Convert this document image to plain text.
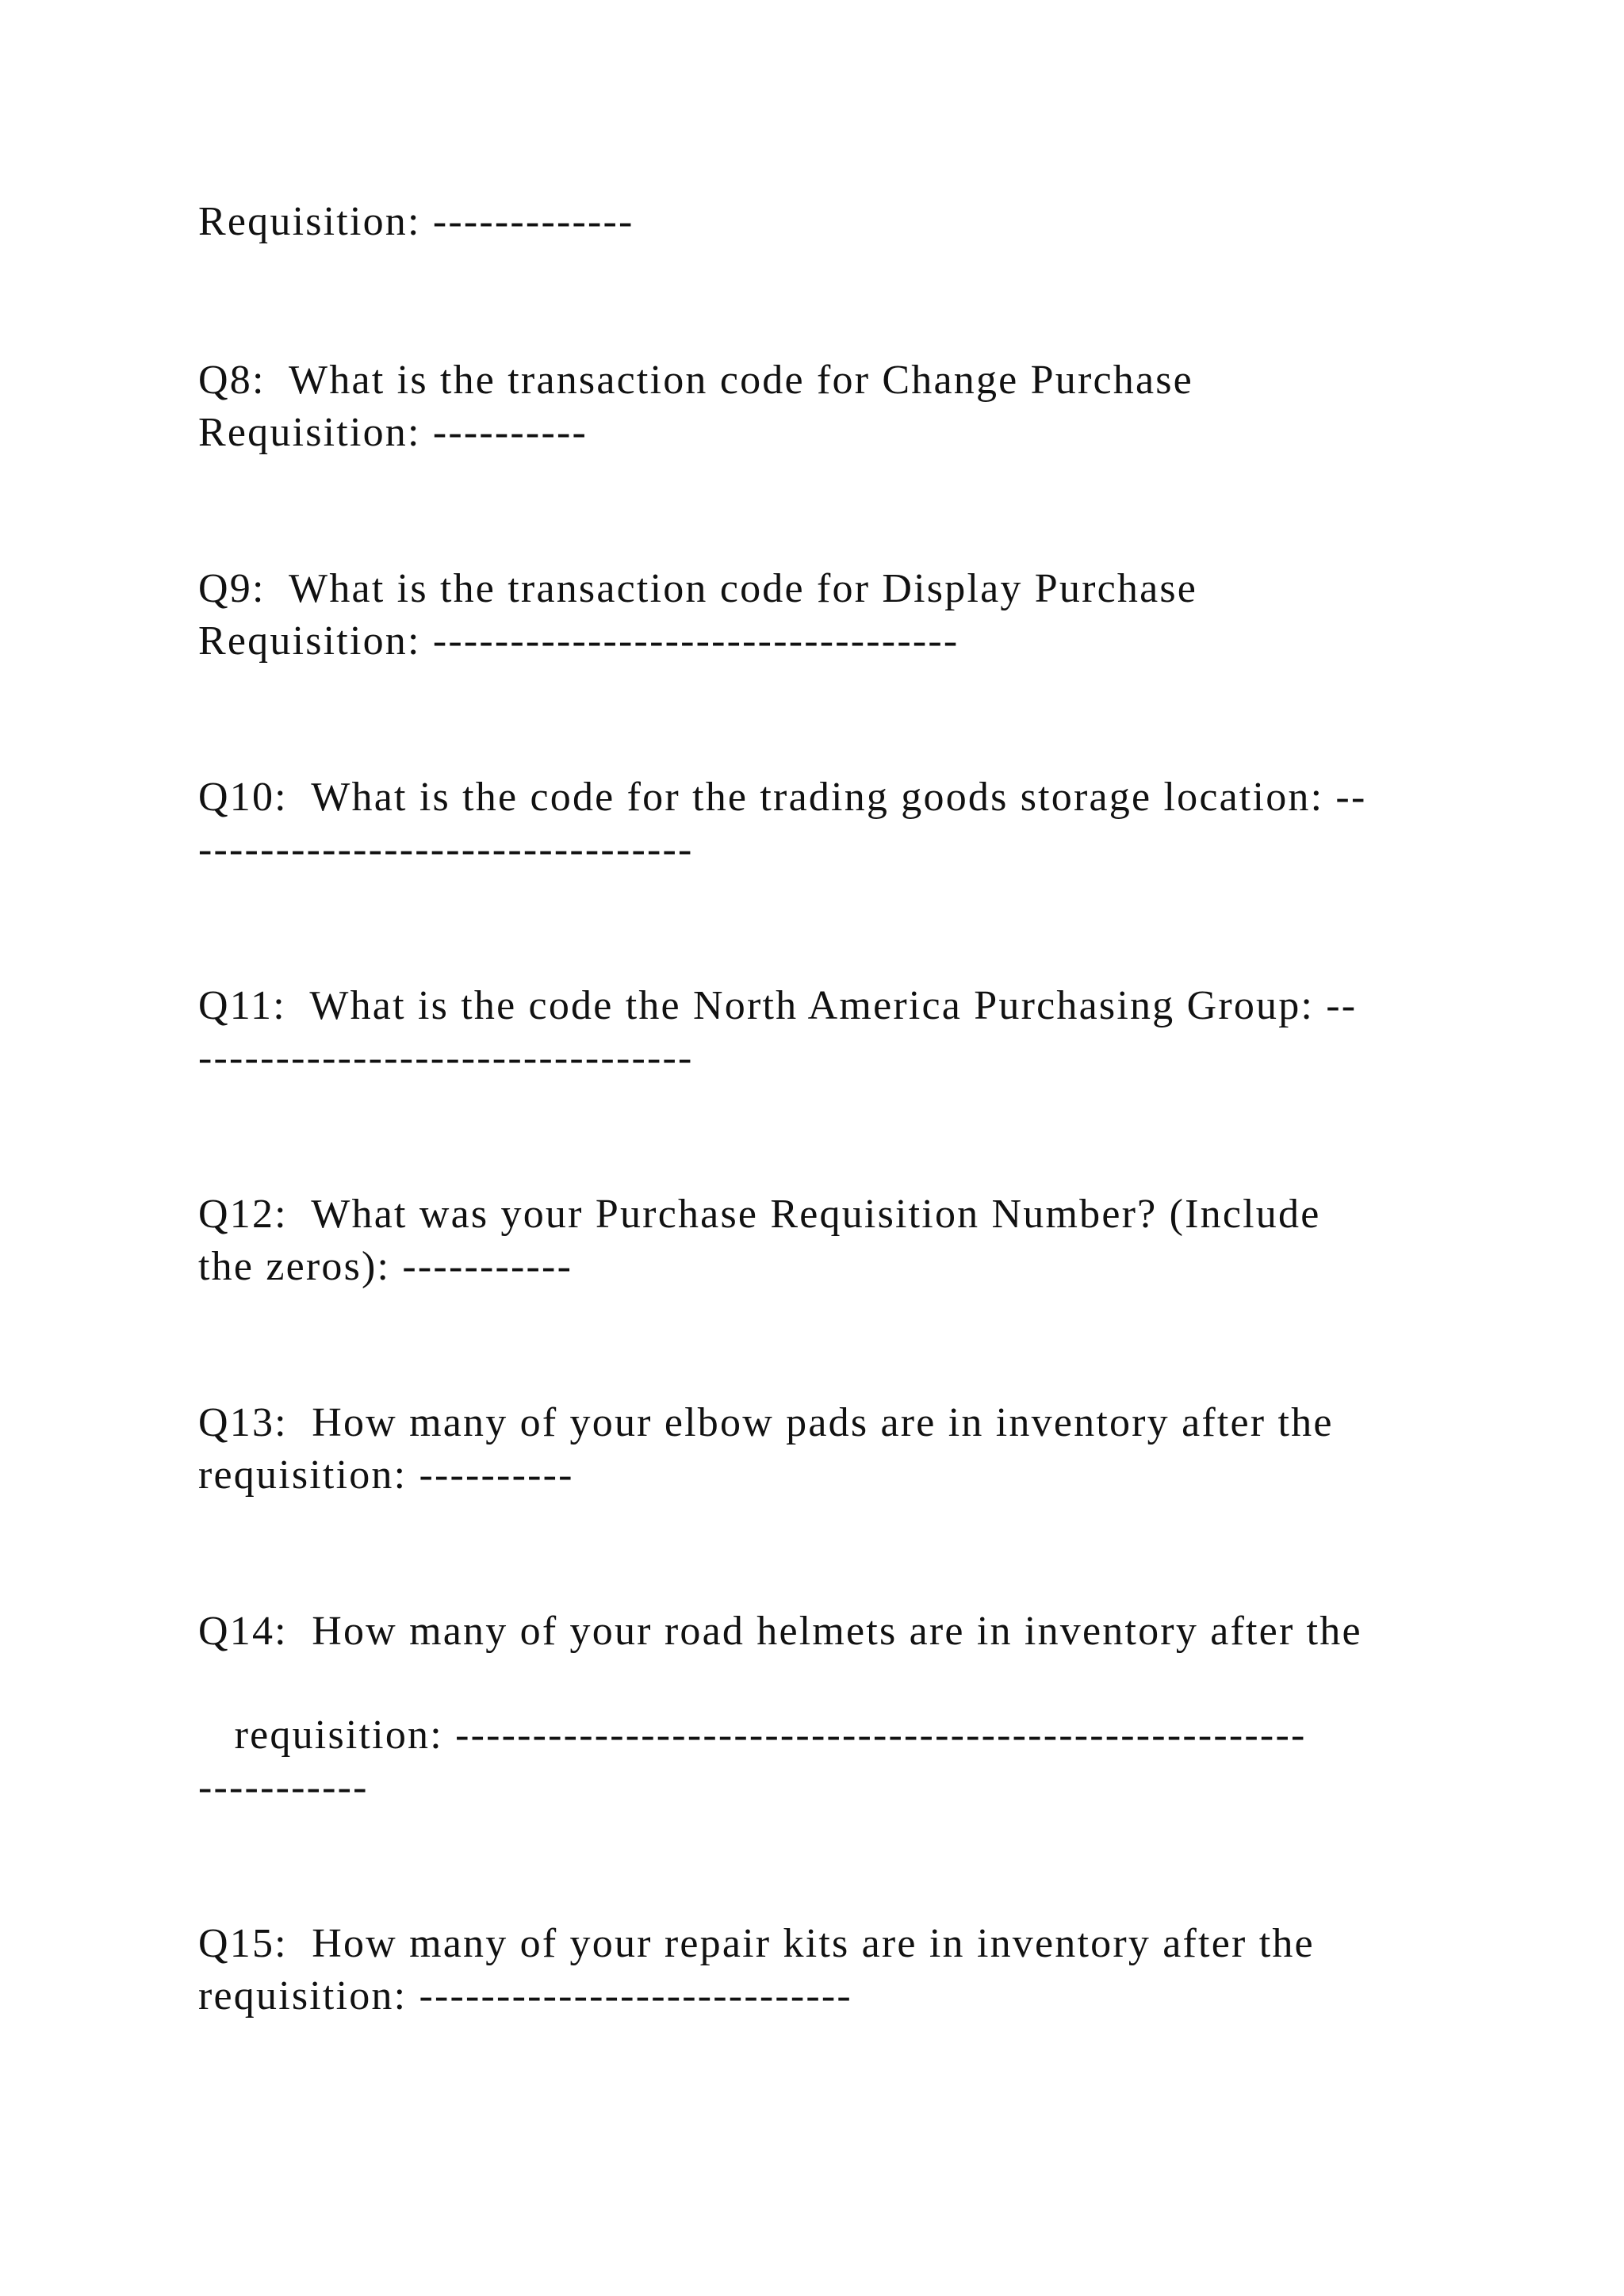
Requisition: -------------

Q8:  What is the transaction code for Change Purchase

Requisition: ----------

Q9:  What is the transaction code for Display Purchase

Requisition: ----------------------------------

Q10:  What is the code for the trading goods storage location: --

--------------------------------

Q11:  What is the code the North America Purchasing Group: --

--------------------------------

Q12:  What was your Purchase Requisition Number? (Include

the zeros): -----------

Q13:  How many of your elbow pads are in inventory after the

requisition: ----------

Q14:  How many of your road helmets are in inventory after the

requisition: -------------------------------------------------------

-----------

Q15:  How many of your repair kits are in inventory after the

requisition: ----------------------------
